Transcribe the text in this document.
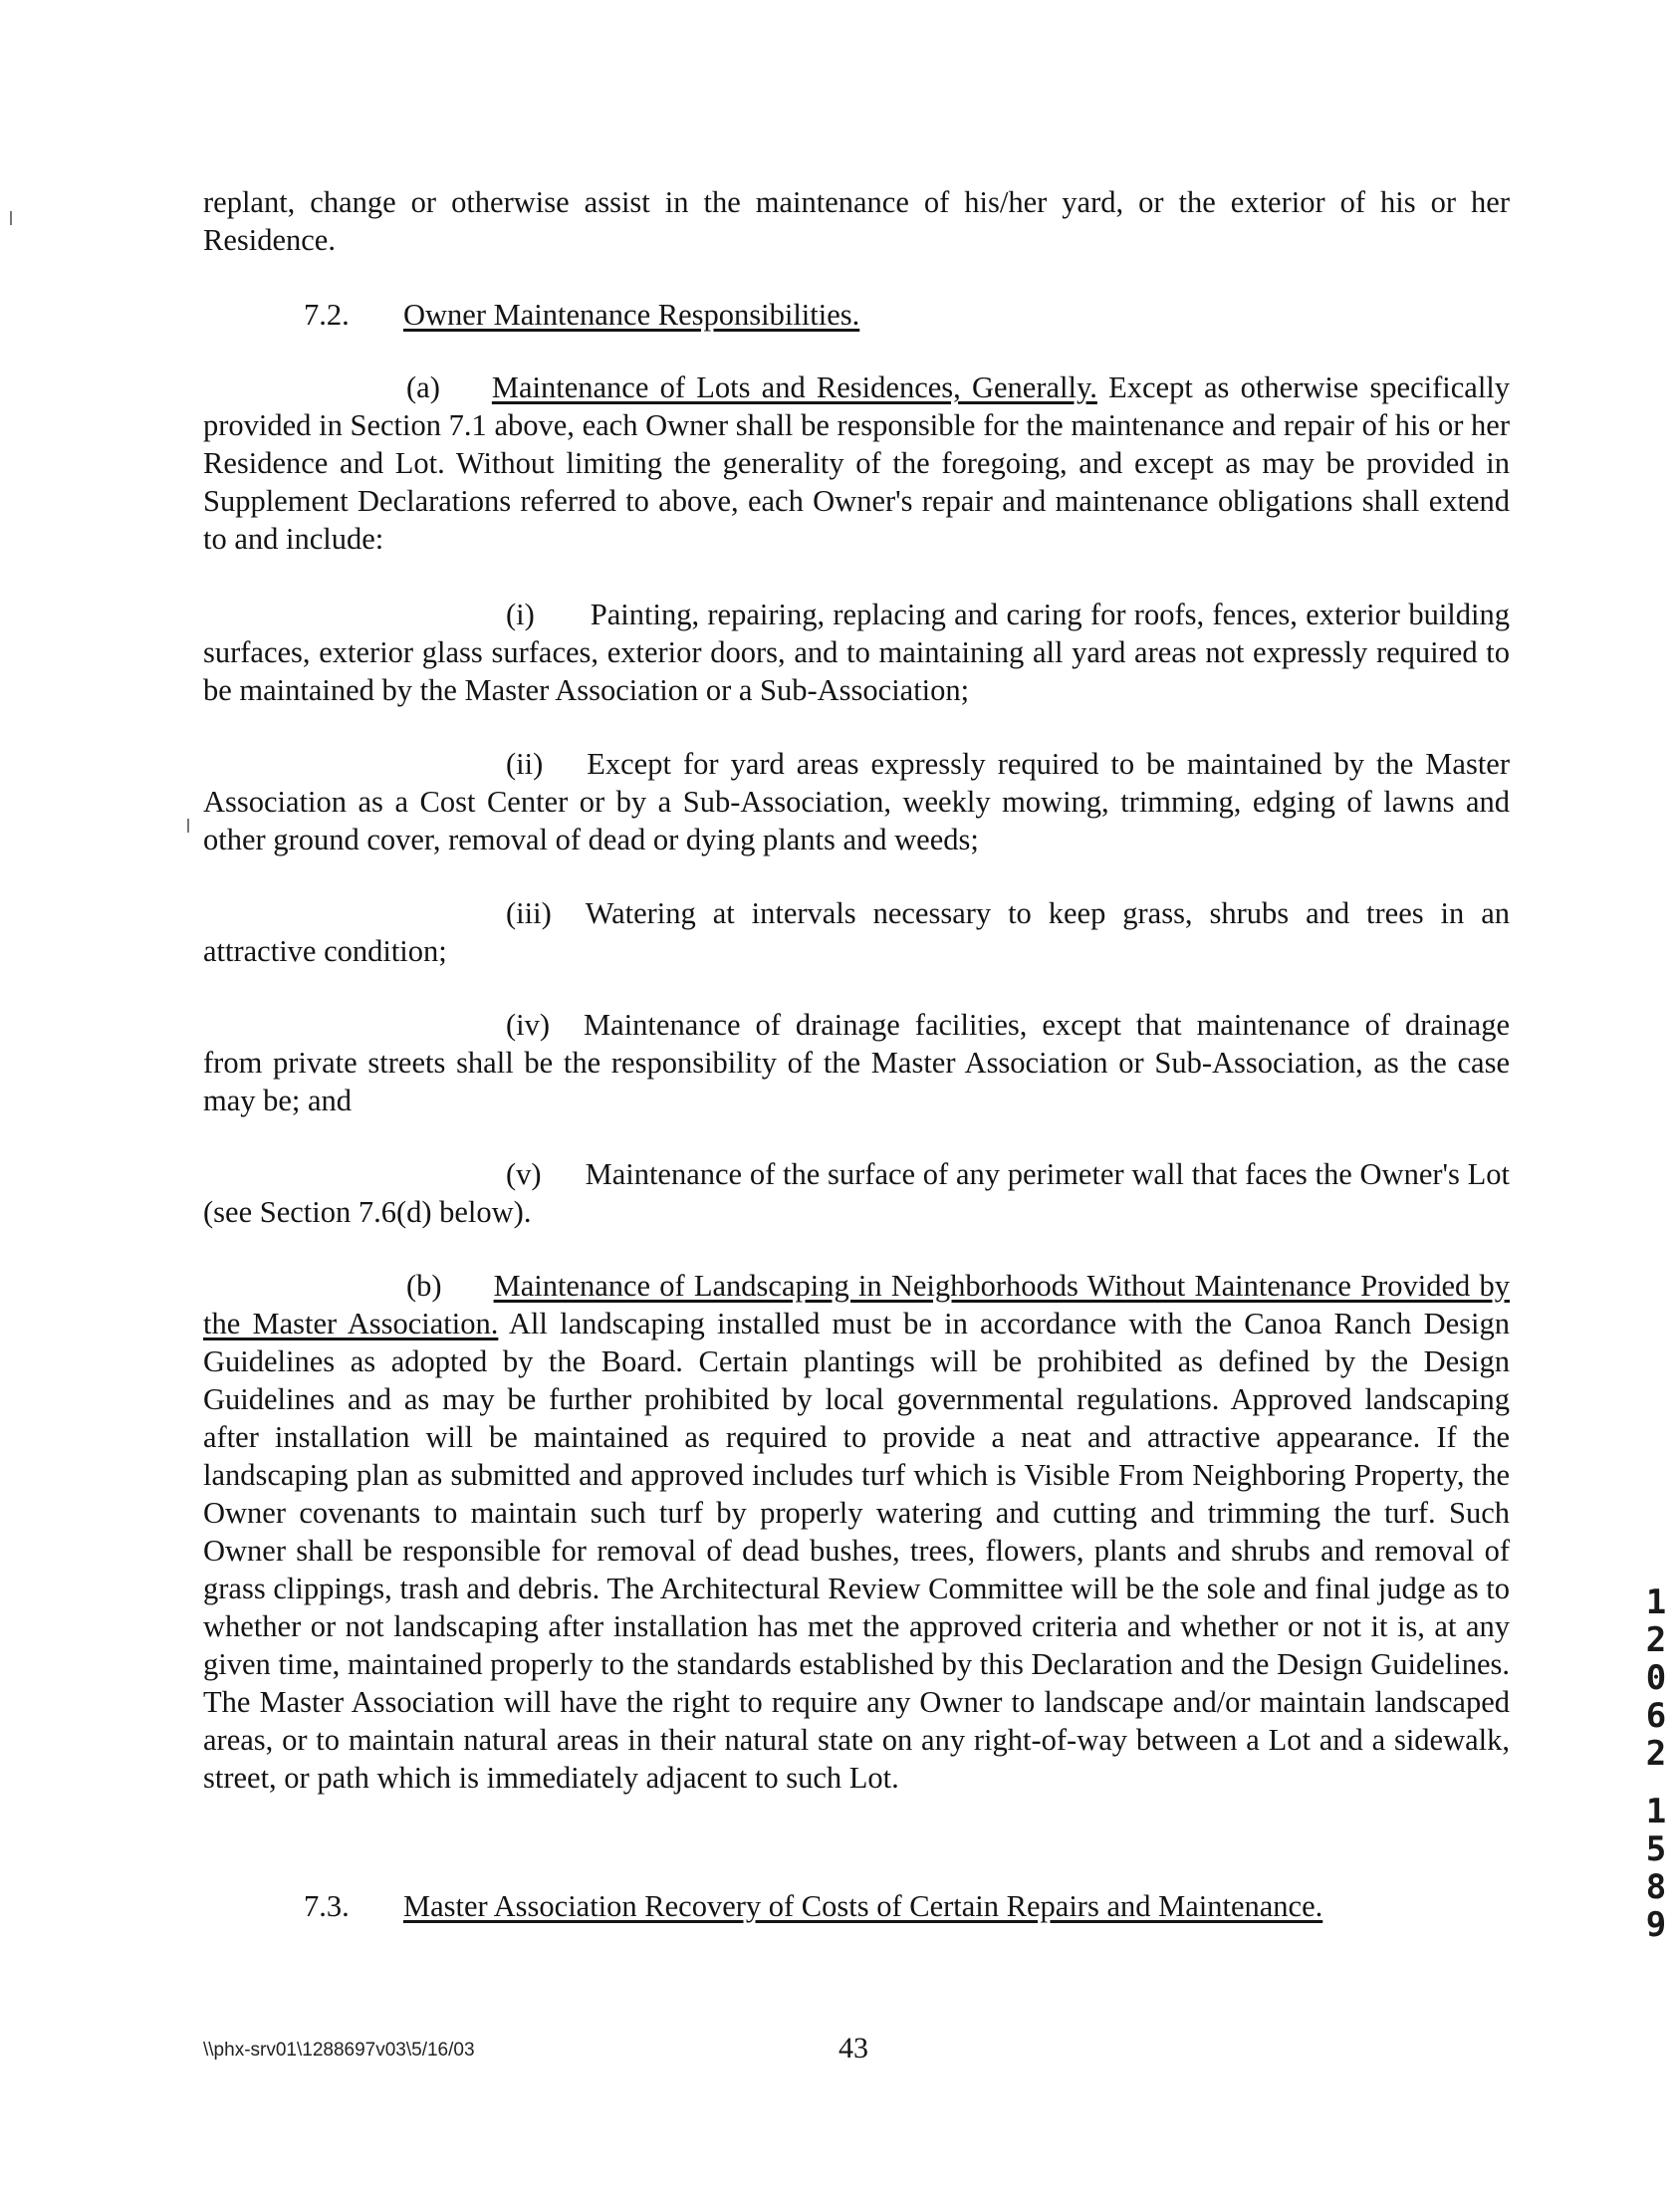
replant, change or otherwise assist in the maintenance of his/her yard, or the exterior of his or her Residence.
7.2. Owner Maintenance Responsibilities.
(a) Maintenance of Lots and Residences, Generally. Except as otherwise specifically provided in Section 7.1 above, each Owner shall be responsible for the maintenance and repair of his or her Residence and Lot. Without limiting the generality of the foregoing, and except as may be provided in Supplement Declarations referred to above, each Owner's repair and maintenance obligations shall extend to and include:
(i) Painting, repairing, replacing and caring for roofs, fences, exterior building surfaces, exterior glass surfaces, exterior doors, and to maintaining all yard areas not expressly required to be maintained by the Master Association or a Sub-Association;
(ii) Except for yard areas expressly required to be maintained by the Master Association as a Cost Center or by a Sub-Association, weekly mowing, trimming, edging of lawns and other ground cover, removal of dead or dying plants and weeds;
(iii) Watering at intervals necessary to keep grass, shrubs and trees in an attractive condition;
(iv) Maintenance of drainage facilities, except that maintenance of drainage from private streets shall be the responsibility of the Master Association or Sub-Association, as the case may be; and
(v) Maintenance of the surface of any perimeter wall that faces the Owner's Lot (see Section 7.6(d) below).
(b) Maintenance of Landscaping in Neighborhoods Without Maintenance Provided by the Master Association. All landscaping installed must be in accordance with the Canoa Ranch Design Guidelines as adopted by the Board. Certain plantings will be prohibited as defined by the Design Guidelines and as may be further prohibited by local governmental regulations. Approved landscaping after installation will be maintained as required to provide a neat and attractive appearance. If the landscaping plan as submitted and approved includes turf which is Visible From Neighboring Property, the Owner covenants to maintain such turf by properly watering and cutting and trimming the turf. Such Owner shall be responsible for removal of dead bushes, trees, flowers, plants and shrubs and removal of grass clippings, trash and debris. The Architectural Review Committee will be the sole and final judge as to whether or not landscaping after installation has met the approved criteria and whether or not it is, at any given time, maintained properly to the standards established by this Declaration and the Design Guidelines. The Master Association will have the right to require any Owner to landscape and/or maintain landscaped areas, or to maintain natural areas in their natural state on any right-of-way between a Lot and a sidewalk, street, or path which is immediately adjacent to such Lot.
7.3. Master Association Recovery of Costs of Certain Repairs and Maintenance.
\\phx-srv01\1288697v03\5/16/03	43
1
2
0
6
2
1
5
8
9
